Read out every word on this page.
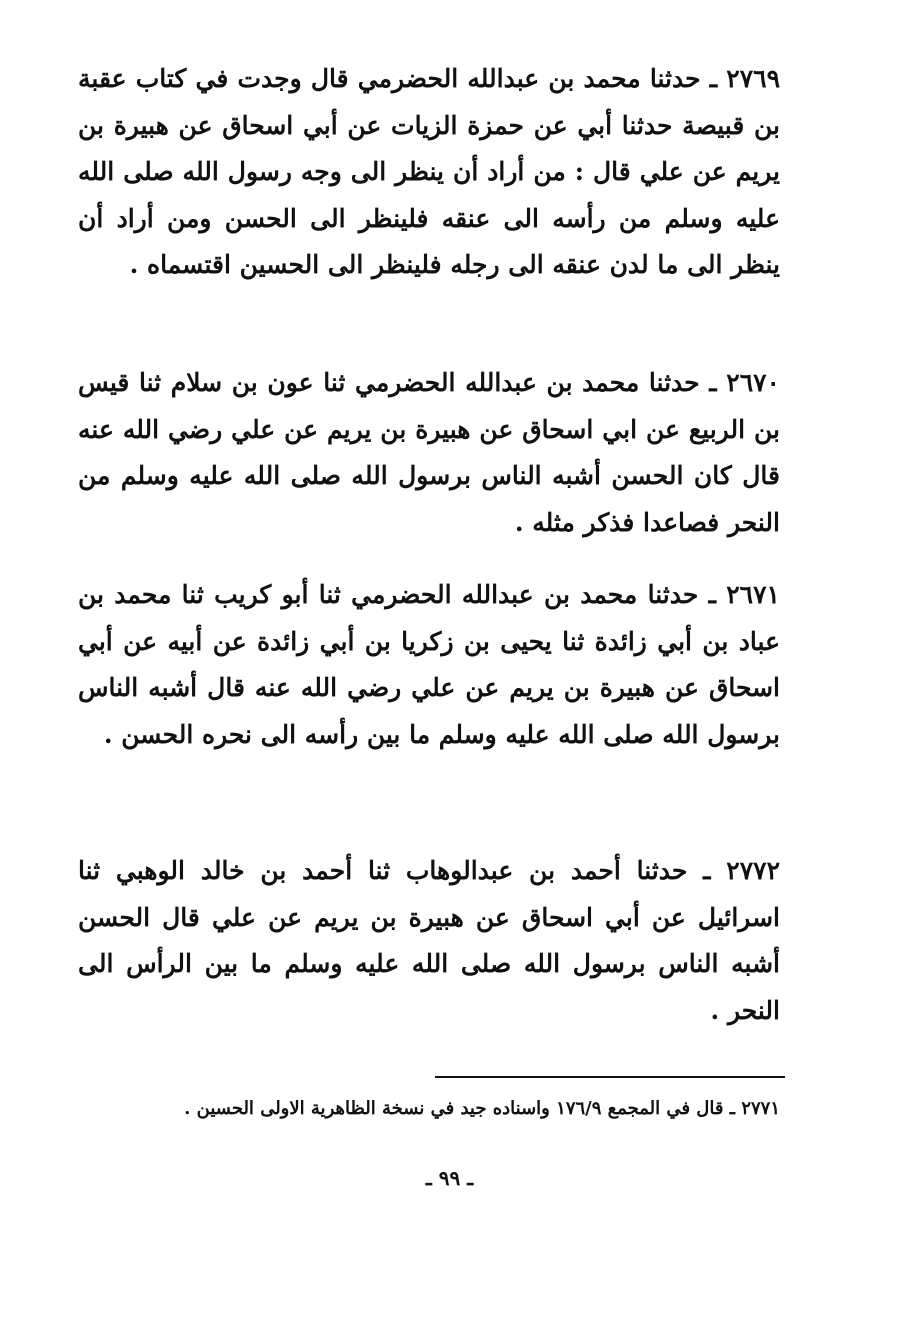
٢٧٦٩ ـ حدثنا محمد بن عبدالله الحضرمي قال وجدت في كتاب عقبة بن قبيصة حدثنا أبي عن حمزة الزيات عن أبي اسحاق عن هبيرة بن يريم عن علي قال : من أراد أن ينظر الى وجه رسول الله صلى الله عليه وسلم من رأسه الى عنقه فلينظر الى الحسن ومن أراد أن ينظر الى ما لدن عنقه الى رجله فلينظر الى الحسين اقتسماه .

٢٦٧٠ ـ حدثنا محمد بن عبدالله الحضرمي ثنا عون بن سلام ثنا قيس بن الربيع عن ابي اسحاق عن هبيرة بن يريم عن علي رضي الله عنه قال كان الحسن أشبه الناس برسول الله صلى الله عليه وسلم من النحر فصاعدا فذكر مثله .

٢٦٧١ ـ حدثنا محمد بن عبدالله الحضرمي ثنا أبو كريب ثنا محمد بن عباد بن أبي زائدة ثنا يحيى بن زكريا بن أبي زائدة عن أبيه عن أبي اسحاق عن هبيرة بن يريم عن علي رضي الله عنه قال أشبه الناس برسول الله صلى الله عليه وسلم ما بين رأسه الى نحره الحسن .

٢٧٧٢ ـ حدثنا أحمد بن عبدالوهاب ثنا أحمد بن خالد الوهبي ثنا اسرائيل عن أبي اسحاق عن هبيرة بن يريم عن علي قال الحسن أشبه الناس برسول الله صلى الله عليه وسلم ما بين الرأس الى النحر .

٢٧٧١ ـ قال في المجمع ١٧٦/٩ واسناده جيد في نسخة الظاهرية الاولى الحسين .

ـ ٩٩ ـ
